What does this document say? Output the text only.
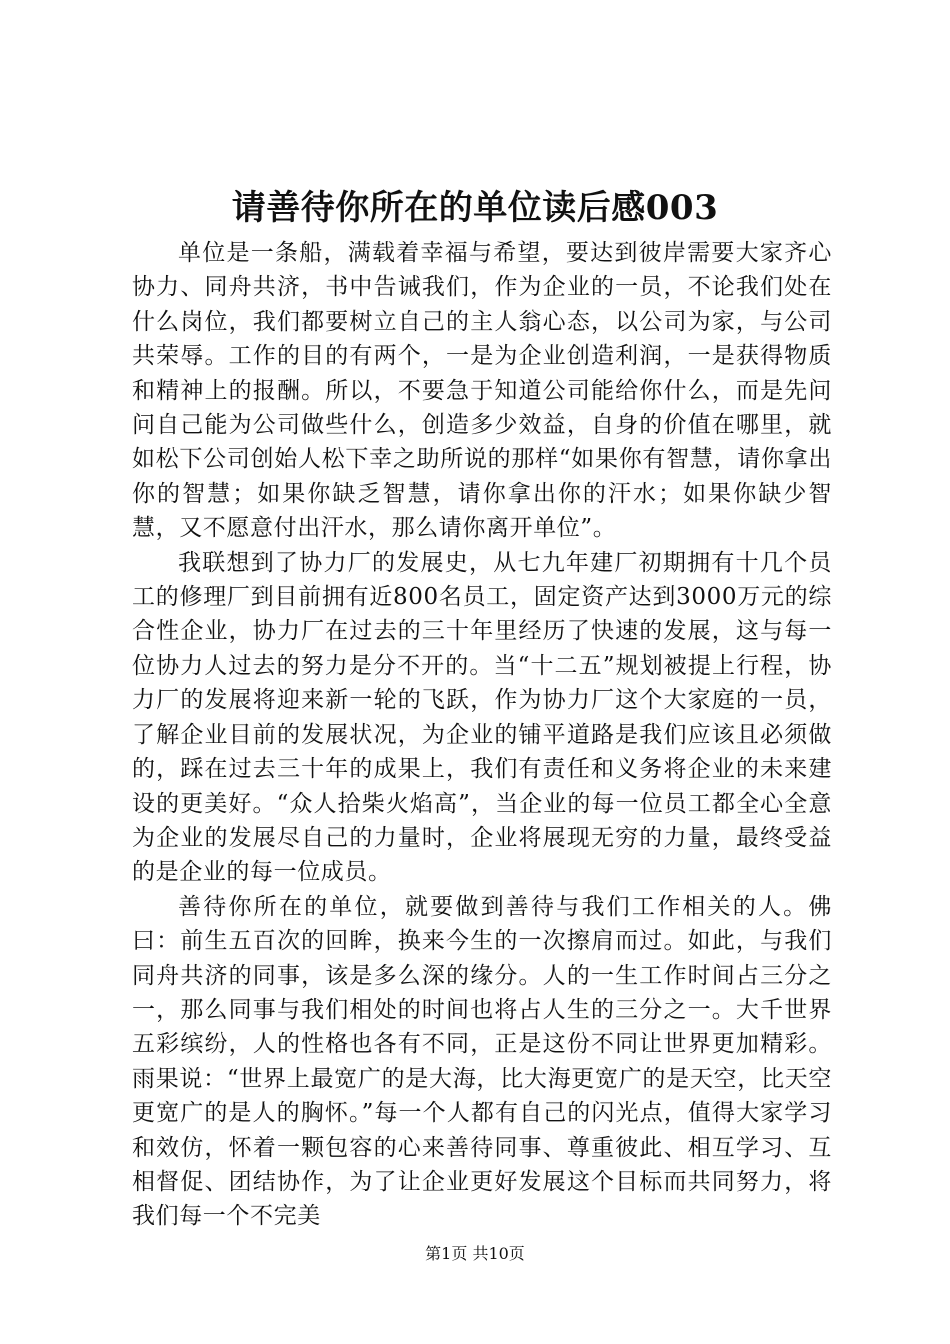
请善待你所在的单位读后感003

单位是一条船，满载着幸福与希望，要达到彼岸需要大家齐心协力、同舟共济，书中告诫我们，作为企业的一员，不论我们处在什么岗位，我们都要树立自己的主人翁心态，以公司为家，与公司共荣辱。工作的目的有两个，一是为企业创造利润，一是获得物质和精神上的报酬。所以，不要急于知道公司能给你什么，而是先问问自己能为公司做些什么，创造多少效益，自身的价值在哪里，就如松下公司创始人松下幸之助所说的那样“如果你有智慧，请你拿出你的智慧；如果你缺乏智慧，请你拿出你的汗水；如果你缺少智慧，又不愿意付出汗水，那么请你离开单位”。

我联想到了协力厂的发展史，从七九年建厂初期拥有十几个员工的修理厂到目前拥有近800名员工，固定资产达到3000万元的综合性企业，协力厂在过去的三十年里经历了快速的发展，这与每一位协力人过去的努力是分不开的。当“十二五”规划被提上行程，协力厂的发展将迎来新一轮的飞跃，作为协力厂这个大家庭的一员，了解企业目前的发展状况，为企业的铺平道路是我们应该且必须做的，踩在过去三十年的成果上，我们有责任和义务将企业的未来建设的更美好。“众人拾柴火焰高”，当企业的每一位员工都全心全意为企业的发展尽自己的力量时，企业将展现无穷的力量，最终受益的是企业的每一位成员。

善待你所在的单位，就要做到善待与我们工作相关的人。佛曰：前生五百次的回眸，换来今生的一次擦肩而过。如此，与我们同舟共济的同事，该是多么深的缘分。人的一生工作时间占三分之一，那么同事与我们相处的时间也将占人生的三分之一。大千世界五彩缤纷，人的性格也各有不同，正是这份不同让世界更加精彩。雨果说：“世界上最宽广的是大海，比大海更宽广的是天空，比天空更宽广的是人的胸怀。”每一个人都有自己的闪光点，值得大家学习和效仿，怀着一颗包容的心来善待同事、尊重彼此、相互学习、互相督促、团结协作，为了让企业更好发展这个目标而共同努力，将我们每一个不完美

第1页 共10页
